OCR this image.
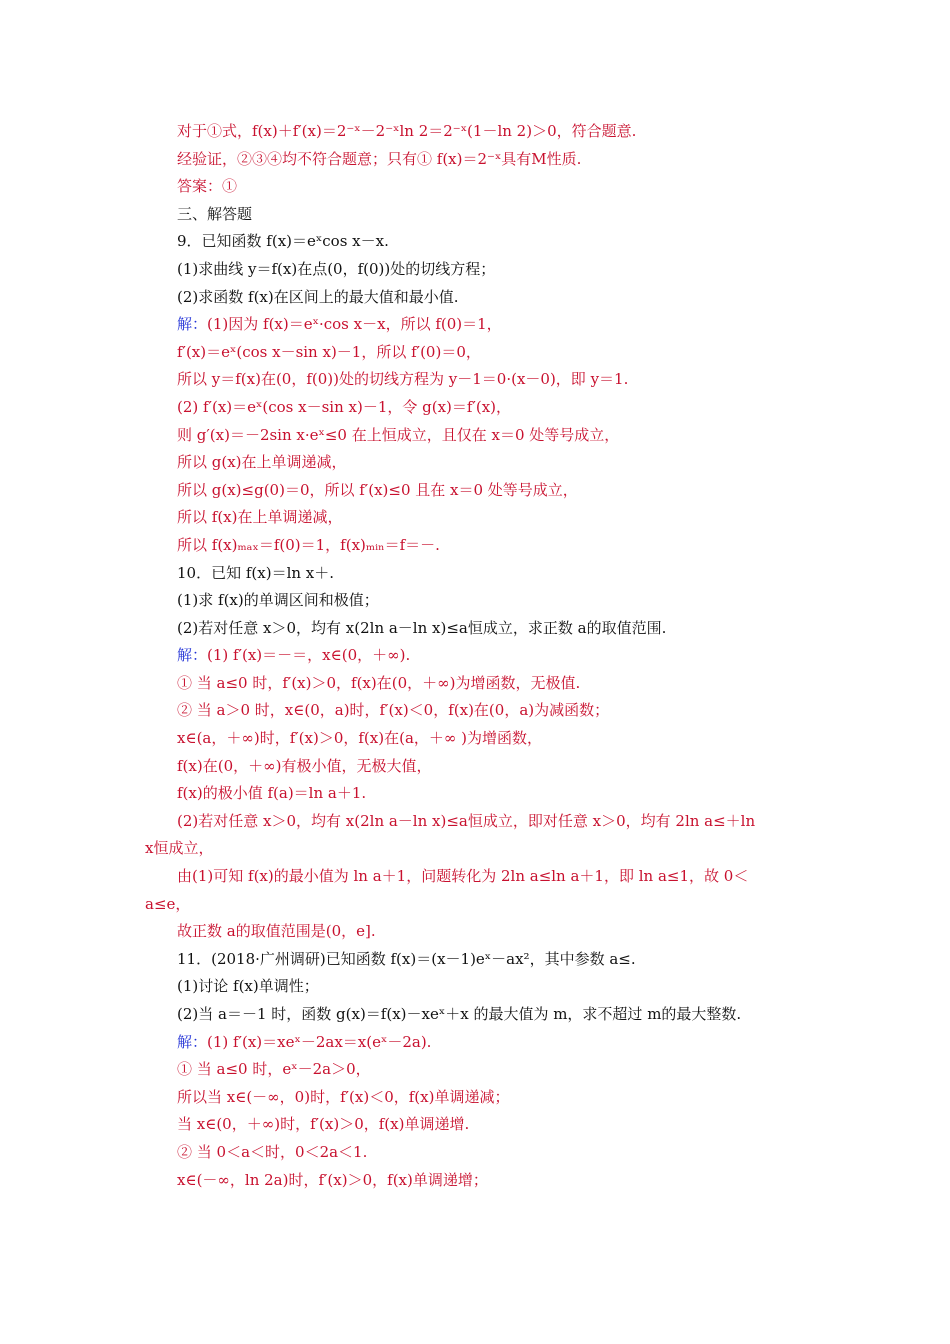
对于①式，f(x)＋f′(x)＝2⁻ˣ－2⁻ˣln 2＝2⁻ˣ(1－ln 2)＞0，符合题意.
经验证，②③④均不符合题意；只有① f(x)＝2⁻ˣ具有M性质.
答案：①
三、解答题
9．已知函数 f(x)＝eˣcos x－x.
(1)求曲线 y＝f(x)在点(0，f(0))处的切线方程；
(2)求函数 f(x)在区间上的最大值和最小值.
解：(1)因为 f(x)＝eˣ·cos x－x，所以 f(0)＝1，
f′(x)＝eˣ(cos x－sin x)－1，所以 f′(0)＝0，
所以 y＝f(x)在(0，f(0))处的切线方程为 y－1＝0·(x－0)，即 y＝1.
(2) f′(x)＝eˣ(cos x－sin x)－1，令 g(x)＝f′(x)，
则 g′(x)＝－2sin x·eˣ≤0 在上恒成立，且仅在 x＝0 处等号成立，
所以 g(x)在上单调递减，
所以 g(x)≤g(0)＝0，所以 f′(x)≤0 且在 x＝0 处等号成立，
所以 f(x)在上单调递减，
所以 f(x)ₘₐₓ＝f(0)＝1，f(x)ₘᵢₙ＝f＝－.
10．已知 f(x)＝ln x＋.
(1)求 f(x)的单调区间和极值；
(2)若对任意 x＞0，均有 x(2ln a－ln x)≤a恒成立，求正数 a的取值范围.
解：(1) f′(x)＝－＝，x∈(0，＋∞).
① 当 a≤0 时，f′(x)＞0，f(x)在(0，＋∞)为增函数，无极值.
② 当 a＞0 时，x∈(0，a)时，f′(x)＜0，f(x)在(0，a)为减函数；
x∈(a，＋∞)时，f′(x)＞0，f(x)在(a，＋∞ )为增函数，
f(x)在(0，＋∞)有极小值，无极大值，
f(x)的极小值 f(a)＝ln a＋1.
(2)若对任意 x＞0，均有 x(2ln a－ln x)≤a恒成立，即对任意 x＞0，均有 2ln a≤＋ln
x恒成立，
由(1)可知 f(x)的最小值为 ln a＋1，问题转化为 2ln a≤ln a＋1，即 ln a≤1，故 0＜
a≤e，
故正数 a的取值范围是(0，e].
11．(2018·广州调研)已知函数 f(x)＝(x－1)eˣ－ax²，其中参数 a≤.
(1)讨论 f(x)单调性；
(2)当 a＝－1 时，函数 g(x)＝f(x)－xeˣ＋x 的最大值为 m，求不超过 m的最大整数.
解：(1) f′(x)＝xeˣ－2ax＝x(eˣ－2a).
① 当 a≤0 时，eˣ－2a＞0，
所以当 x∈(－∞，0)时，f′(x)＜0，f(x)单调递减；
当 x∈(0，＋∞)时，f′(x)＞0，f(x)单调递增.
② 当 0＜a＜时，0＜2a＜1.
x∈(－∞，ln 2a)时，f′(x)＞0，f(x)单调递增；
